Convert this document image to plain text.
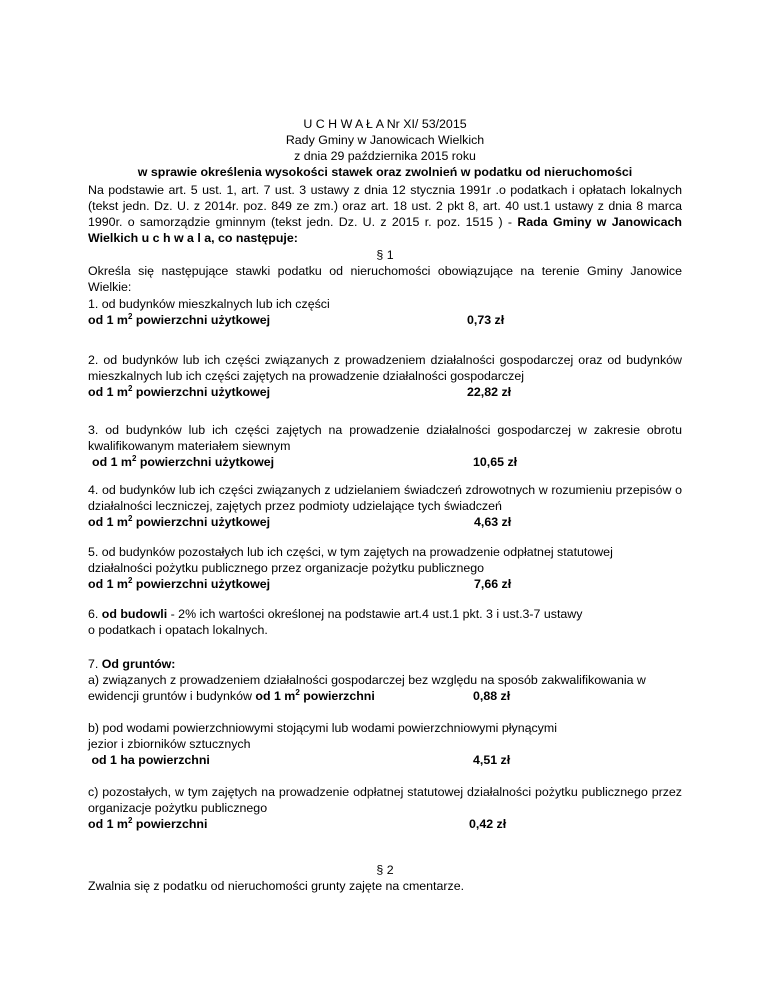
U C H W A Ł A Nr XI/ 53/2015

Rady Gminy w Janowicach Wielkich

z dnia 29 października 2015 roku

w sprawie określenia wysokości stawek oraz zwolnień w podatku od nieruchomości

Na podstawie art. 5 ust. 1, art. 7 ust. 3 ustawy z dnia 12 stycznia 1991r .o podatkach i opłatach lokalnych (tekst jedn. Dz. U. z 2014r. poz. 849 ze zm.) oraz art. 18 ust. 2 pkt 8, art. 40 ust.1 ustawy z dnia 8 marca 1990r. o samorządzie gminnym (tekst jedn. Dz. U. z 2015 r. poz. 1515 ) - Rada Gminy w Janowicach Wielkich u c h w a l a, co następuje:
§ 1
Określa się następujące stawki podatku od nieruchomości obowiązujące na terenie Gminy Janowice Wielkie:

1. od budynków mieszkalnych lub ich części

od 1 $m^2$ powierzchni użytkowej	0,73 zł

2. od budynków lub ich części związanych z prowadzeniem działalności gospodarczej oraz od budynków mieszkalnych lub ich części zajętych na prowadzenie działalności gospodarczej

od 1 $m^2$ powierzchni użytkowej	22,82 zł

3. od budynków lub ich części zajętych na prowadzenie działalności gospodarczej w zakresie obrotu kwalifikowanym materiałem siewnym

od 1 $m^2$ powierzchni użytkowej	10,65 zł

4. od budynków lub ich części związanych z udzielaniem świadczeń zdrowotnych w rozumieniu przepisów o działalności leczniczej, zajętych przez podmioty udzielające tych świadczeń

od 1 $m^2$ powierzchni użytkowej	4,63 zł

5. od budynków pozostałych lub ich części, w tym zajętych na prowadzenie odpłatnej statutowej działalności pożytku publicznego przez organizacje pożytku publicznego

od 1 $m^2$ powierzchni użytkowej	7,66 zł

6. od budowli - 2% ich wartości określonej na podstawie art.4 ust.1 pkt. 3 i ust.3-7 ustawy

o podatkach i opatach lokalnych.

7. Od gruntów:

a) związanych z prowadzeniem działalności gospodarczej bez względu na sposób zakwalifikowania w ewidencji gruntów i budynków od 1 $m^2$ powierzchni	0,88 zł

b) pod wodami powierzchniowymi stojącymi lub wodami powierzchniowymi płynącymi jezior i zbiorników sztucznych

od 1 ha powierzchni	4,51 zł

c) pozostałych, w tym zajętych na prowadzenie odpłatnej statutowej działalności pożytku publicznego przez organizacje pożytku publicznego

od 1 $m^2$ powierzchni	0,42 zł
§ 2
Zwalnia się z podatku od nieruchomości grunty zajęte na cmentarze.
